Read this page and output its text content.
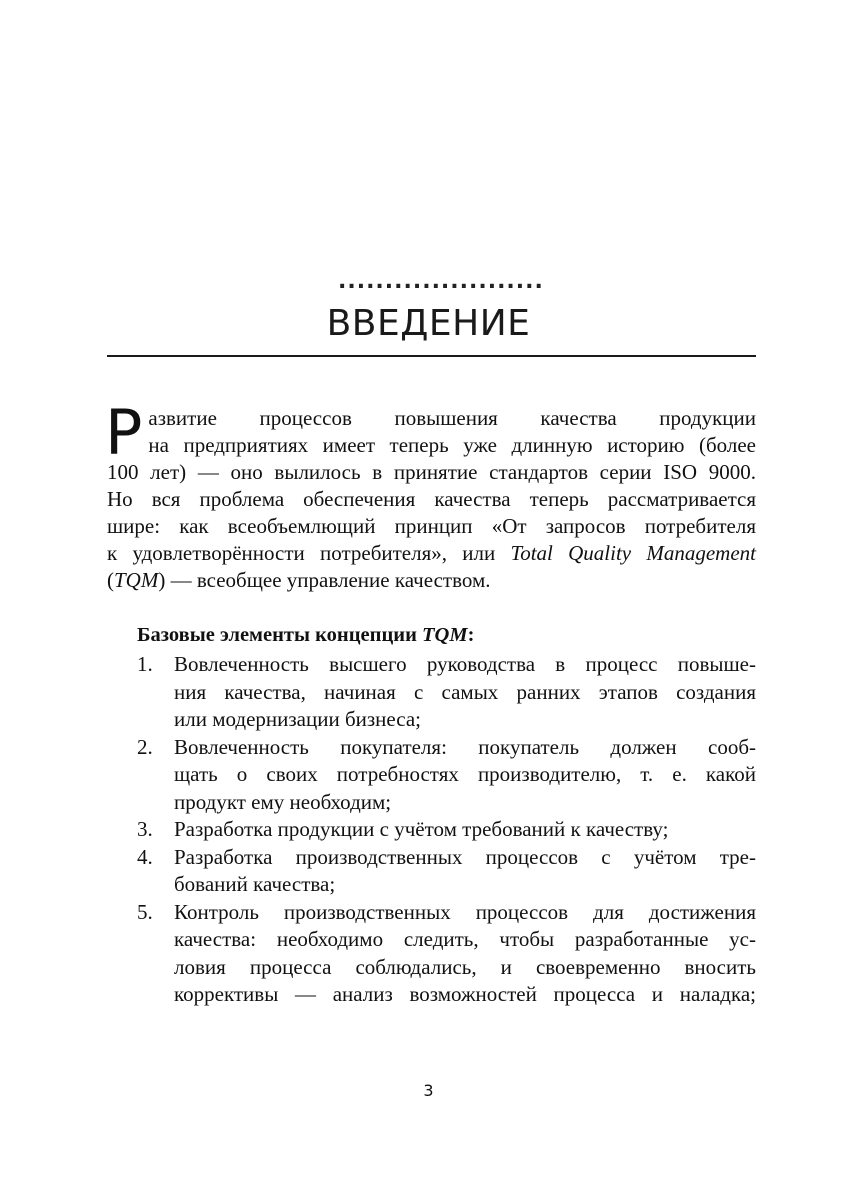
......................
ВВЕДЕНИЕ
Р азвитие процессов повышения качества продукции
на предприятиях имеет теперь уже длинную историю (более
100 лет) — оно вылилось в принятие стандартов серии ISO 9000.
Но вся проблема обеспечения качества теперь рассматривается
шире: как всеобъемлющий принцип «От запросов потребителя
к удовлетворённости потребителя», или Total Quality Management
(TQM) — всеобщее управление качеством.
Базовые элементы концепции TQM:
1. Вовлеченность высшего руководства в процесс повыше-
ния качества, начиная с самых ранних этапов создания
или модернизации бизнеса;
2. Вовлеченность покупателя: покупатель должен сооб-
щать о своих потребностях производителю, т. е. какой
продукт ему необходим;
3. Разработка продукции с учётом требований к качеству;
4. Разработка производственных процессов с учётом тре-
бований качества;
5. Контроль производственных процессов для достижения
качества: необходимо следить, чтобы разработанные ус-
ловия процесса соблюдались, и своевременно вносить
коррективы — анализ возможностей процесса и наладка;
3
